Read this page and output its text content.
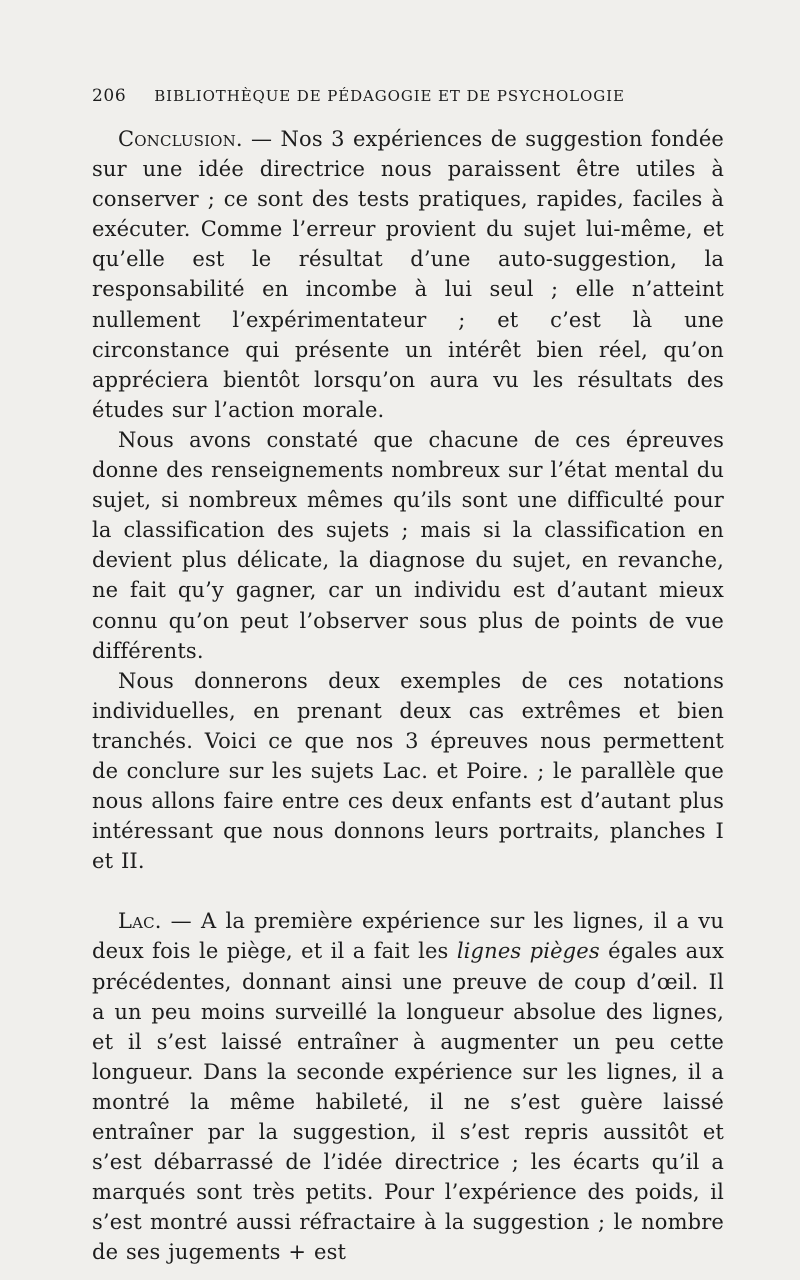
206 BIBLIOTHÈQUE DE PÉDAGOGIE ET DE PSYCHOLOGIE

Conclusion. — Nos 3 expériences de suggestion fondée sur une idée directrice nous paraissent être utiles à conserver ; ce sont des tests pratiques, rapides, faciles à exécuter. Comme l’erreur provient du sujet lui-même, et qu’elle est le résultat d’une auto-suggestion, la responsabilité en incombe à lui seul ; elle n’atteint nullement l’expérimentateur ; et c’est là une circonstance qui présente un intérêt bien réel, qu’on appréciera bientôt lorsqu’on aura vu les résultats des études sur l’action morale.

Nous avons constaté que chacune de ces épreuves donne des renseignements nombreux sur l’état mental du sujet, si nombreux mêmes qu’ils sont une difficulté pour la classification des sujets ; mais si la classification en devient plus délicate, la diagnose du sujet, en revanche, ne fait qu’y gagner, car un individu est d’autant mieux connu qu’on peut l’observer sous plus de points de vue différents.

Nous donnerons deux exemples de ces notations individuelles, en prenant deux cas extrêmes et bien tranchés. Voici ce que nos 3 épreuves nous permettent de conclure sur les sujets Lac. et Poire. ; le parallèle que nous allons faire entre ces deux enfants est d’autant plus intéressant que nous donnons leurs portraits, planches I et II.

Lac. — A la première expérience sur les lignes, il a vu deux fois le piège, et il a fait les lignes pièges égales aux précédentes, donnant ainsi une preuve de coup d’œil. Il a un peu moins surveillé la longueur absolue des lignes, et il s’est laissé entraîner à augmenter un peu cette longueur. Dans la seconde expérience sur les lignes, il a montré la même habileté, il ne s’est guère laissé entraîner par la suggestion, il s’est repris aussitôt et s’est débarrassé de l’idée directrice ; les écarts qu’il a marqués sont très petits. Pour l’expérience des poids, il s’est montré aussi réfractaire à la suggestion ; le nombre de ses jugements + est
